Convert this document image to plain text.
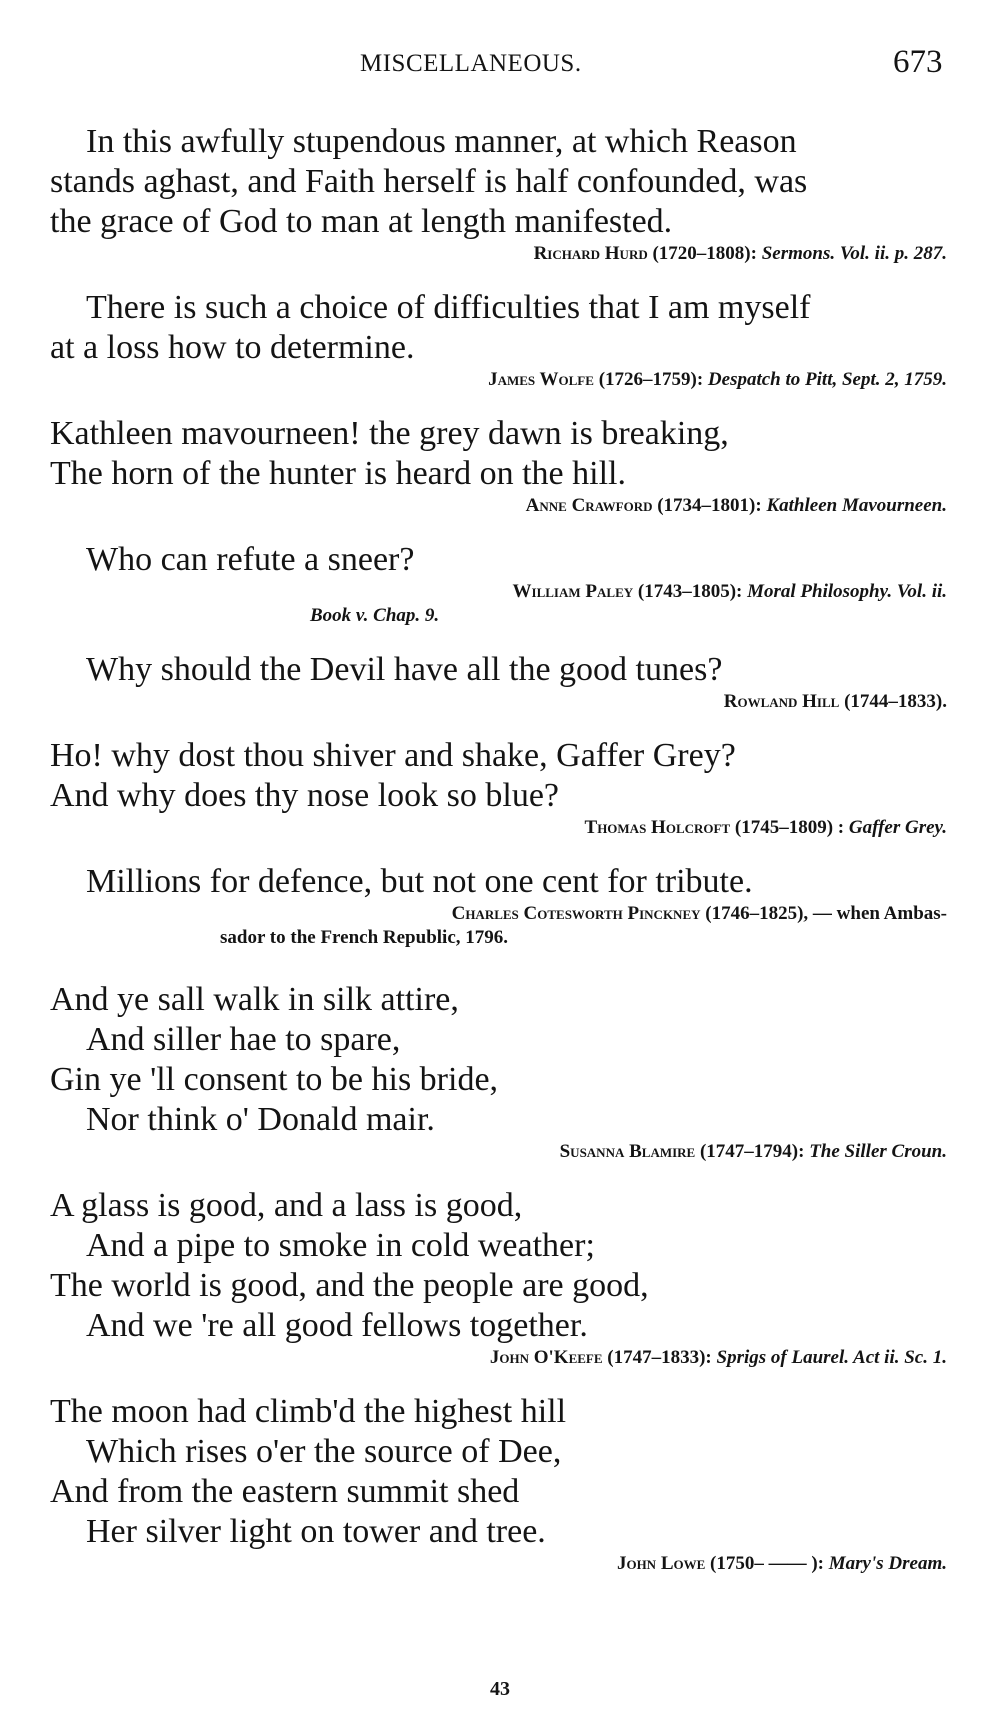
MISCELLANEOUS.	673
In this awfully stupendous manner, at which Reason
stands aghast, and Faith herself is half confounded, was
the grace of God to man at length manifested.
Richard Hurd (1720–1808): Sermons. Vol. ii. p. 287.
There is such a choice of difficulties that I am myself
at a loss how to determine.
James Wolfe (1726–1759): Despatch to Pitt, Sept. 2, 1759.
Kathleen mavourneen! the grey dawn is breaking,
The horn of the hunter is heard on the hill.
Anne Crawford (1734–1801): Kathleen Mavourneen.
Who can refute a sneer?
William Paley (1743–1805): Moral Philosophy. Vol. ii.
Book v. Chap. 9.
Why should the Devil have all the good tunes?
Rowland Hill (1744–1833).
Ho! why dost thou shiver and shake, Gaffer Grey?
And why does thy nose look so blue?
Thomas Holcroft (1745–1809) : Gaffer Grey.
Millions for defence, but not one cent for tribute.
Charles Cotesworth Pinckney (1746–1825), — when Ambas-
sador to the French Republic, 1796.
And ye sall walk in silk attire,
And siller hae to spare,
Gin ye 'll consent to be his bride,
Nor think o' Donald mair.
Susanna Blamire (1747–1794): The Siller Croun.
A glass is good, and a lass is good,
And a pipe to smoke in cold weather;
The world is good, and the people are good,
And we 're all good fellows together.
John O'Keefe (1747–1833): Sprigs of Laurel. Act ii. Sc. 1.
The moon had climb'd the highest hill
Which rises o'er the source of Dee,
And from the eastern summit shed
Her silver light on tower and tree.
John Lowe (1750– —— ): Mary's Dream.
43
